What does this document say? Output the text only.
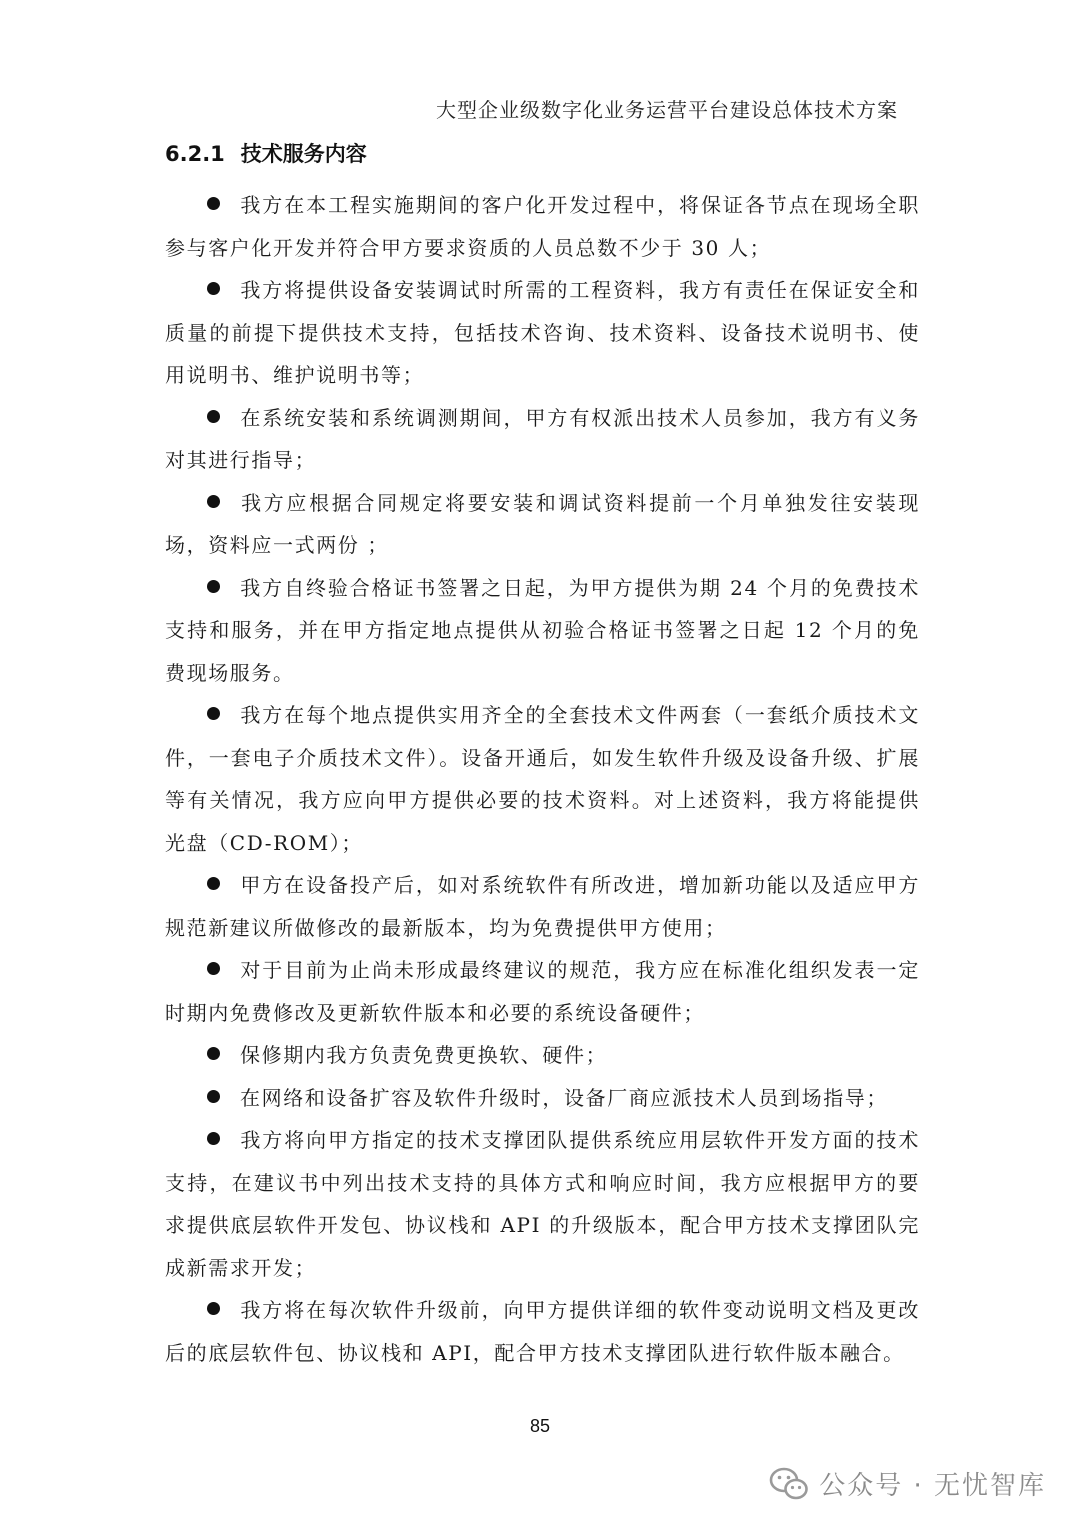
大型企业级数字化业务运营平台建设总体技术方案
6.2.1 技术服务内容

我方在本工程实施期间的客户化开发过程中，将保证各节点在现场全职参与客户化开发并符合甲方要求资质的人员总数不少于 30 人；

我方将提供设备安装调试时所需的工程资料，我方有责任在保证安全和质量的前提下提供技术支持，包括技术咨询、技术资料、设备技术说明书、使用说明书、维护说明书等；

在系统安装和系统调测期间，甲方有权派出技术人员参加，我方有义务对其进行指导；

我方应根据合同规定将要安装和调试资料提前一个月单独发往安装现场，资料应一式两份 ；

我方自终验合格证书签署之日起，为甲方提供为期 24 个月的免费技术支持和服务，并在甲方指定地点提供从初验合格证书签署之日起 12 个月的免费现场服务。

我方在每个地点提供实用齐全的全套技术文件两套（一套纸介质技术文件，一套电子介质技术文件）。设备开通后，如发生软件升级及设备升级、扩展等有关情况，我方应向甲方提供必要的技术资料。对上述资料，我方将能提供光盘（CD-ROM）；

甲方在设备投产后，如对系统软件有所改进，增加新功能以及适应甲方规范新建议所做修改的最新版本，均为免费提供甲方使用；

对于目前为止尚未形成最终建议的规范，我方应在标准化组织发表一定时期内免费修改及更新软件版本和必要的系统设备硬件；

保修期内我方负责免费更换软、硬件；

在网络和设备扩容及软件升级时，设备厂商应派技术人员到场指导；

我方将向甲方指定的技术支撑团队提供系统应用层软件开发方面的技术支持，在建议书中列出技术支持的具体方式和响应时间，我方应根据甲方的要求提供底层软件开发包、协议栈和 API 的升级版本，配合甲方技术支撑团队完成新需求开发；

我方将在每次软件升级前，向甲方提供详细的软件变动说明文档及更改后的底层软件包、协议栈和 API，配合甲方技术支撑团队进行软件版本融合。

85
公众号 · 无忧智库
